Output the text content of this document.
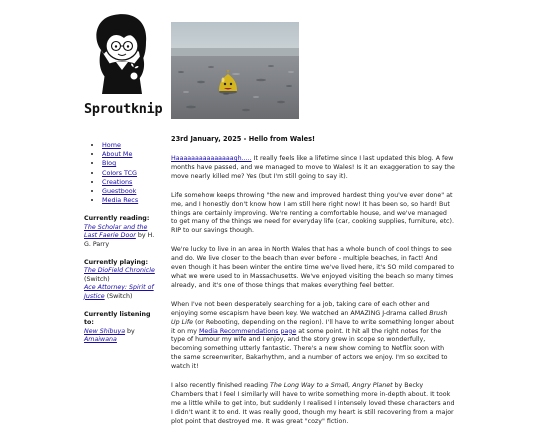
Sproutknip
• Home
• About Me
• Blog
• Colors TCG
• Creations
• Guestbook
• Media Recs
Currently reading:
The Scholar and the Last Faerie Door by H. G. Parry
Currently playing:
The DioField Chronicle (Switch)
Ace Attorney: Spirit of Justice (Switch)
Currently listening to:
New Shibuya by Amaiwana
23rd January, 2025 - Hello from Wales!

Haaaaaaaaaaaaaaagh..... It really feels like a lifetime since I last updated this blog. A few months have passed, and we managed to move to Wales! Is it an exaggeration to say the move nearly killed me? Yes (but I'm still going to say it).

Life somehow keeps throwing "the new and improved hardest thing you've ever done" at me, and I honestly don't know how I am still here right now! It has been so, so hard! But things are certainly improving. We're renting a comfortable house, and we've managed to get many of the things we need for everyday life (car, cooking supplies, furniture, etc). RIP to our savings though.

We're lucky to live in an area in North Wales that has a whole bunch of cool things to see and do. We live closer to the beach than ever before - multiple beaches, in fact! And even though it has been winter the entire time we've lived here, it's SO mild compared to what we were used to in Massachusetts. We've enjoyed visiting the beach so many times already, and it's one of those things that makes everything feel better.

When I've not been desperately searching for a job, taking care of each other and enjoying some escapism have been key. We watched an AMAZING J-drama called Brush Up Life (or Rebooting, depending on the region). I'll have to write something longer about it on my Media Recommendations page at some point. It hit all the right notes for the type of humour my wife and I enjoy, and the story grew in scope so wonderfully, becoming something utterly fantastic. There's a new show coming to Netflix soon with the same screenwriter, Bakarhythm, and a number of actors we enjoy. I'm so excited to watch it!

I also recently finished reading The Long Way to a Small, Angry Planet by Becky Chambers that I feel I similarly will have to write something more in-depth about. It took me a little while to get into, but suddenly I realised I intensely loved these characters and I didn't want it to end. It was really good, though my heart is still recovering from a major plot point that destroyed me. It was great "cozy" fiction.
